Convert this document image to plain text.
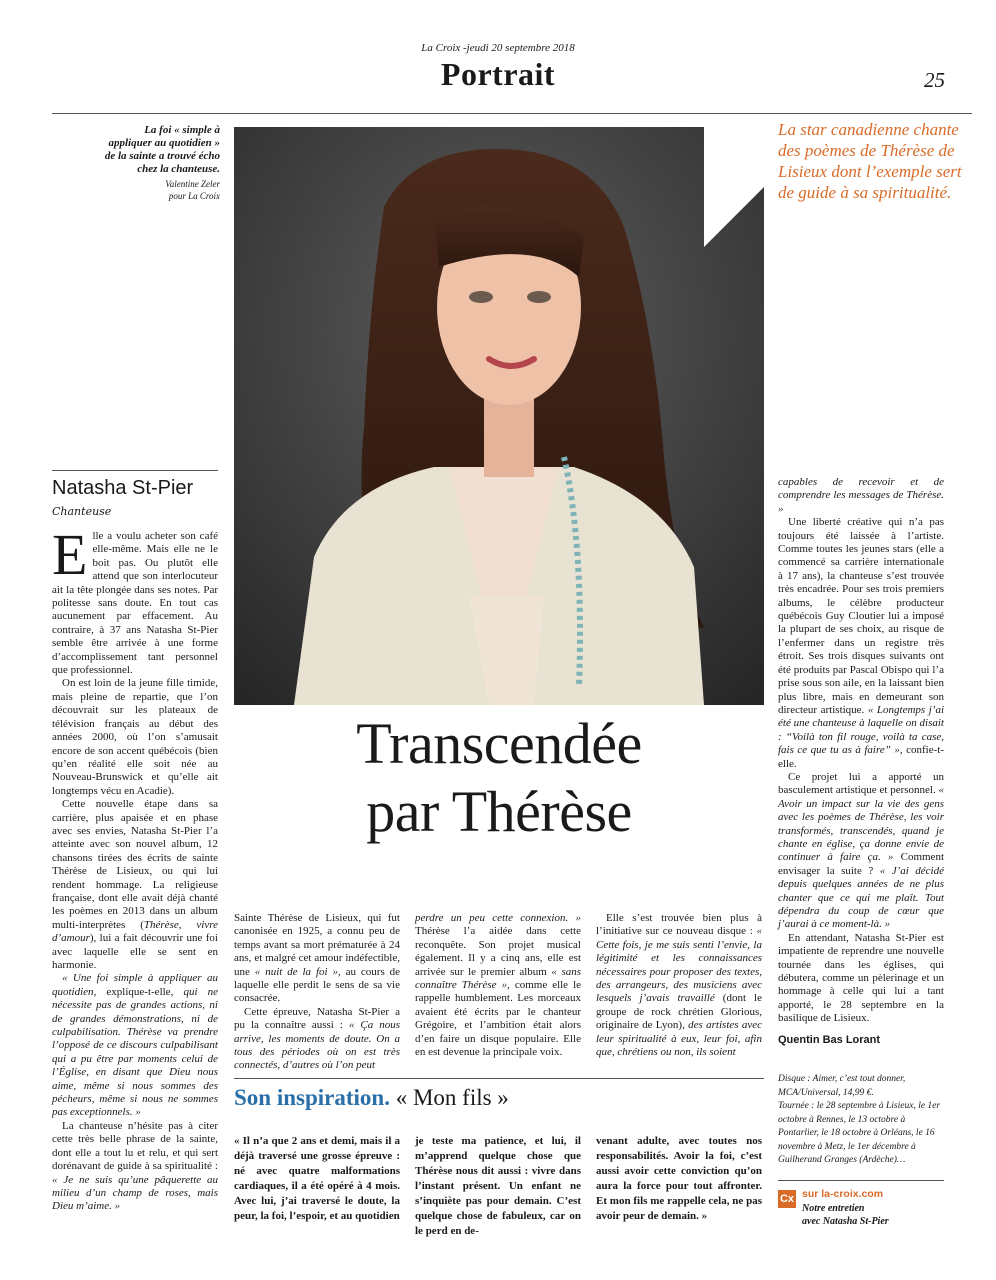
La Croix -jeudi 20 septembre 2018
Portrait	25
La foi « simple à appliquer au quotidien » de la sainte a trouvé écho chez la chanteuse.
Valentine Zeler
pour La Croix
La star canadienne chante des poèmes de Thérèse de Lisieux dont l’exemple sert de guide à sa spiritualité.
Transcendée
par Thérèse
Natasha St-Pier
Chanteuse

Elle a voulu acheter son café elle-même. Mais elle ne le boit pas. Ou plutôt elle attend que son interlocuteur ait la tête plongée dans ses notes. Par politesse sans doute. En tout cas aucunement par effacement. Au contraire, à 37 ans Natasha St-Pier semble être arrivée à une forme d’accomplissement tant personnel que professionnel.

On est loin de la jeune fille timide, mais pleine de repartie, que l’on découvrait sur les plateaux de télévision français au début des années 2000, où l’on s’amusait encore de son accent québécois (bien qu’en réalité elle soit née au Nouveau-Brunswick et qu’elle ait longtemps vécu en Acadie).

Cette nouvelle étape dans sa carrière, plus apaisée et en phase avec ses envies, Natasha St-Pier l’a atteinte avec son nouvel album, 12 chansons tirées des écrits de sainte Thérèse de Lisieux, ou qui lui rendent hommage. La religieuse française, dont elle avait déjà chanté les poèmes en 2013 dans un album multi-interprètes (Thérèse, vivre d’amour), lui a fait découvrir une foi avec laquelle elle se sent en harmonie.

« Une foi simple à appliquer au quotidien, explique-t-elle, qui ne nécessite pas de grandes actions, ni de grandes démonstrations, ni de culpabilisation. Thérèse va prendre l’opposé de ce discours culpabilisant qui a pu être par moments celui de l’Église, en disant que Dieu nous aime, même si nous sommes des pécheurs, même si nous ne sommes pas exceptionnels. »

La chanteuse n’hésite pas à citer cette très belle phrase de la sainte, dont elle a tout lu et relu, et qui sert dorénavant de guide à sa spiritualité : « Je ne suis qu’une pâquerette au milieu d’un champ de roses, mais Dieu m’aime. »

Sainte Thérèse de Lisieux, qui fut canonisée en 1925, a connu peu de temps avant sa mort prématurée à 24 ans, et malgré cet amour indéfectible, une « nuit de la foi », au cours de laquelle elle perdit le sens de sa vie consacrée.

Cette épreuve, Natasha St-Pier a pu la connaître aussi : « Ça nous arrive, les moments de doute. On a tous des périodes où on est très connectés, d’autres où l’on peut

perdre un peu cette connexion. » Thérèse l’a aidée dans cette reconquête. Son projet musical également. Il y a cinq ans, elle est arrivée sur le premier album « sans connaître Thérèse », comme elle le rappelle humblement. Les morceaux avaient été écrits par le chanteur Grégoire, et l’ambition était alors d’en faire un disque populaire. Elle en est devenue la principale voix.

Elle s’est trouvée bien plus à l’initiative sur ce nouveau disque : « Cette fois, je me suis senti l’envie, la légitimité et les connaissances nécessaires pour proposer des textes, des arrangeurs, des musiciens avec lesquels j’avais travaillé (dont le groupe de rock chrétien Glorious, originaire de Lyon), des artistes avec leur spiritualité à eux, leur foi, afin que, chrétiens ou non, ils soient

capables de recevoir et de comprendre les messages de Thérèse. »

Une liberté créative qui n’a pas toujours été laissée à l’artiste. Comme toutes les jeunes stars (elle a commencé sa carrière internationale à 17 ans), la chanteuse s’est trouvée très encadrée. Pour ses trois premiers albums, le célèbre producteur québécois Guy Cloutier lui a imposé la plupart de ses choix, au risque de l’enfermer dans un registre très étroit. Ses trois disques suivants ont été produits par Pascal Obispo qui l’a prise sous son aile, en la laissant bien plus libre, mais en demeurant son directeur artistique. « Longtemps j’ai été une chanteuse à laquelle on disait : “Voilà ton fil rouge, voilà ta case, fais ce que tu as à faire” », confie-t-elle.

Ce projet lui a apporté un basculement artistique et personnel. « Avoir un impact sur la vie des gens avec les poèmes de Thérèse, les voir transformés, transcendés, quand je chante en église, ça donne envie de continuer à faire ça. » Comment envisager la suite ? « J’ai décidé depuis quelques années de ne plus chanter que ce qui me plaît. Tout dépendra du coup de cœur que j’aurai à ce moment-là. »

En attendant, Natasha St-Pier est impatiente de reprendre une nouvelle tournée dans les églises, qui débutera, comme un pèlerinage et un hommage à celle qui lui a tant apporté, le 28 septembre en la basilique de Lisieux.

Quentin Bas Lorant
Son inspiration. « Mon fils »
« Il n’a que 2 ans et demi, mais il a déjà traversé une grosse épreuve : né avec quatre malformations cardiaques, il a été opéré à 4 mois. Avec lui, j’ai traversé le doute, la peur, la foi, l’espoir, et au quotidien
je teste ma patience, et lui, il m’apprend quelque chose que Thérèse nous dit aussi : vivre dans l’instant présent. Un enfant ne s’inquiète pas pour demain. C’est quelque chose de fabuleux, car on le perd en de-
venant adulte, avec toutes nos responsabilités. Avoir la foi, c’est aussi avoir cette conviction qu’on aura la force pour tout affronter. Et mon fils me rappelle cela, ne pas avoir peur de demain. »
Disque : Aimer, c’est tout donner, MCA/Universal, 14,99 €.
Tournée : le 28 septembre à Lisieux, le 1er octobre à Rennes, le 13 octobre à Pontarlier, le 18 octobre à Orléans, le 16 novembre à Metz, le 1er décembre à Guilherand Granges (Ardèche)…
Cx sur la-croix.com
Notre entretien
avec Natasha St-Pier
